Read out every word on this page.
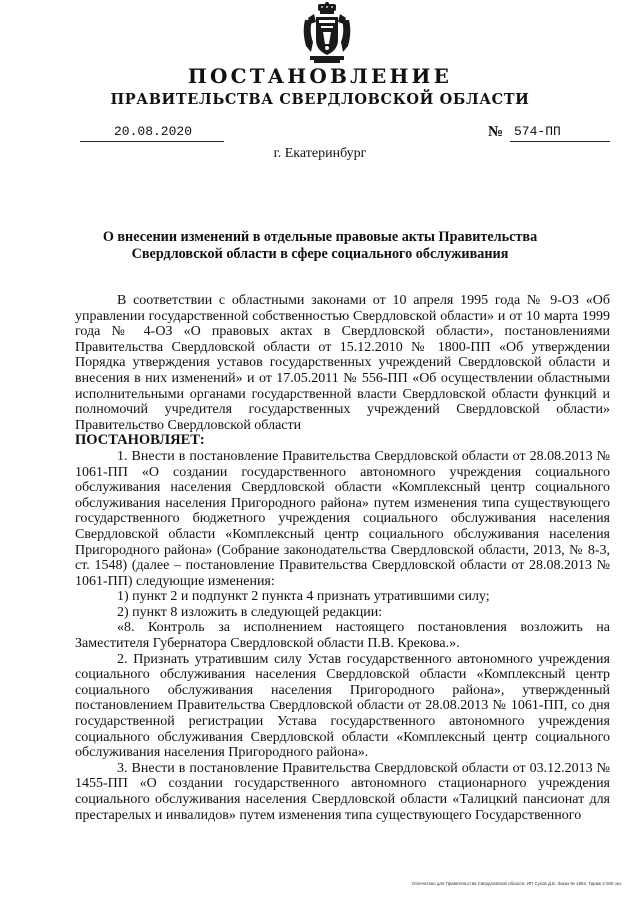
ПОСТАНОВЛЕНИЕ
ПРАВИТЕЛЬСТВА СВЕРДЛОВСКОЙ ОБЛАСТИ
20.08.2020	№ 574-ПП
г. Екатеринбург
О внесении изменений в отдельные правовые акты Правительства Свердловской области в сфере социального обслуживания

В соответствии с областными законами от 10 апреля 1995 года № 9-ОЗ «Об управлении государственной собственностью Свердловской области» и от 10 марта 1999 года № 4-ОЗ «О правовых актах в Свердловской области», постановлениями Правительства Свердловской области от 15.12.2010 № 1800-ПП «Об утверждении Порядка утверждения уставов государственных учреждений Свердловской области и внесения в них изменений» и от 17.05.2011 № 556-ПП «Об осуществлении областными исполнительными органами государственной власти Свердловской области функций и полномочий учредителя государственных учреждений Свердловской области» Правительство Свердловской области

ПОСТАНОВЛЯЕТ:

1. Внести в постановление Правительства Свердловской области от 28.08.2013 № 1061-ПП «О создании государственного автономного учреждения социального обслуживания населения Свердловской области «Комплексный центр социального обслуживания населения Пригородного района» путем изменения типа существующего государственного бюджетного учреждения социального обслуживания населения Свердловской области «Комплексный центр социального обслуживания населения Пригородного района» (Собрание законодательства Свердловской области, 2013, № 8-3, ст. 1548) (далее – постановление Правительства Свердловской области от 28.08.2013 № 1061-ПП) следующие изменения:

1) пункт 2 и подпункт 2 пункта 4 признать утратившими силу;

2) пункт 8 изложить в следующей редакции:

«8. Контроль за исполнением настоящего постановления возложить на Заместителя Губернатора Свердловской области П.В. Крекова.».

2. Признать утратившим силу Устав государственного автономного учреждения социального обслуживания населения Свердловской области «Комплексный центр социального обслуживания населения Пригородного района», утвержденный постановлением Правительства Свердловской области от 28.08.2013 № 1061-ПП, со дня государственной регистрации Устава государственного автономного учреждения социального обслуживания Свердловской области «Комплексный центр социального обслуживания населения Пригородного района».

3. Внести в постановление Правительства Свердловской области от 03.12.2013 № 1455-ПП «О создании государственного автономного стационарного учреждения социального обслуживания населения Свердловской области «Талицкий пансионат для престарелых и инвалидов» путем изменения типа существующего Государственного

Отпечатано для Правительства Свердловской области. ИП Сухов Д.Б. Заказ № 1953. Тираж 2 000 экз.
